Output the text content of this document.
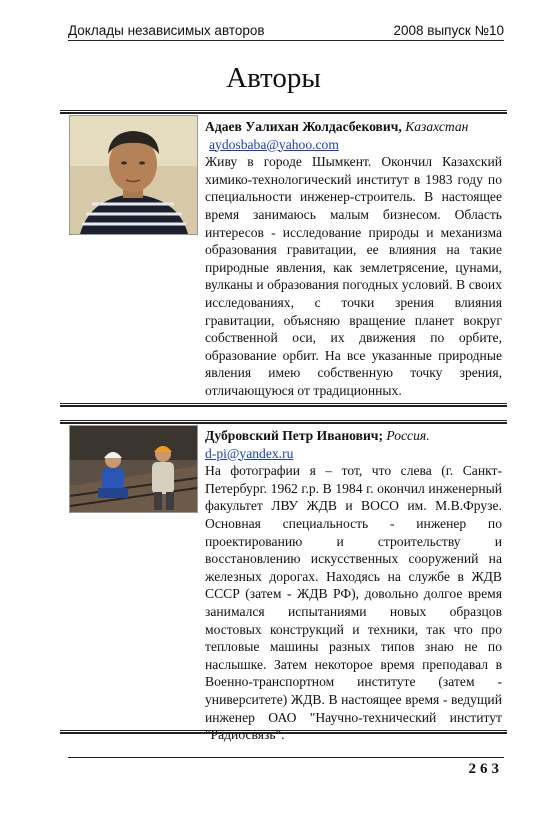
Доклады независимых авторов	2008 выпуск №10
Авторы
Адаев Уалихан Жолдасбекович, Казахстан
aydosbaba@yahoo.com

Живу в городе Шымкент. Окончил Казахский химико-технологический институт в 1983 году по специальности инженер-строитель. В настоящее время занимаюсь малым бизнесом. Область интересов - исследование природы и механизма образования гравитации, ее влияния на такие природные явления, как землетрясение, цунами, вулканы и образования погодных условий. В своих исследованиях, с точки зрения влияния гравитации, объясняю вращение планет вокруг собственной оси, их движения по орбите, образование орбит. На все указанные природные явления имею собственную точку зрения, отличающуюся от традиционных.

Дубровский Петр Иванович; Россия.
d-pi@yandex.ru

На фотографии я – тот, что слева (г. Санкт-Петербург. 1962 г.р. В 1984 г. окончил инженерный факультет ЛВУ ЖДВ и ВОСО им. М.В.Фрузе. Основная специальность - инженер по проектированию и строительству и восстановлению искусственных сооружений на железных дорогах. Находясь на службе в ЖДВ СССР (затем - ЖДВ РФ), довольно долгое время занимался испытаниями новых образцов мостовых конструкций и техники, так что про тепловые машины разных типов знаю не по наслышке. Затем некоторое время преподавал в Военно-транспортном институте (затем - университете) ЖДВ. В настоящее время - ведущий инженер ОАО "Научно-технический институт "Радиосвязь".

263
